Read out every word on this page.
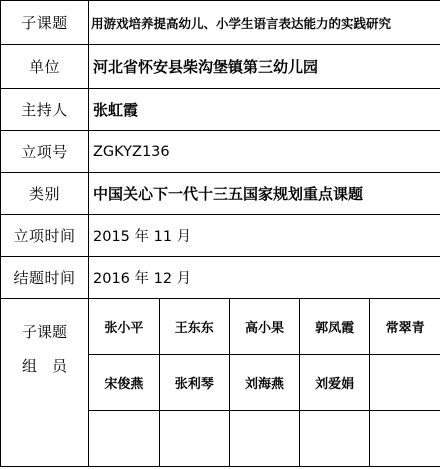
子课题	用游戏培养提高幼儿、小学生语言表达能力的实践研究
单位	河北省怀安县柴沟堡镇第三幼儿园
主持人	张虹霞
立项号	ZGKYZ136
类别	中国关心下一代十三五国家规划重点课题
立项时间	2015 年 11 月
结题时间	2016 年 12 月

子课题
组　员

张小平	王东东	高小果	郭凤霞	常翠青
宋俊燕	张利琴	刘海燕	刘爱娟	
